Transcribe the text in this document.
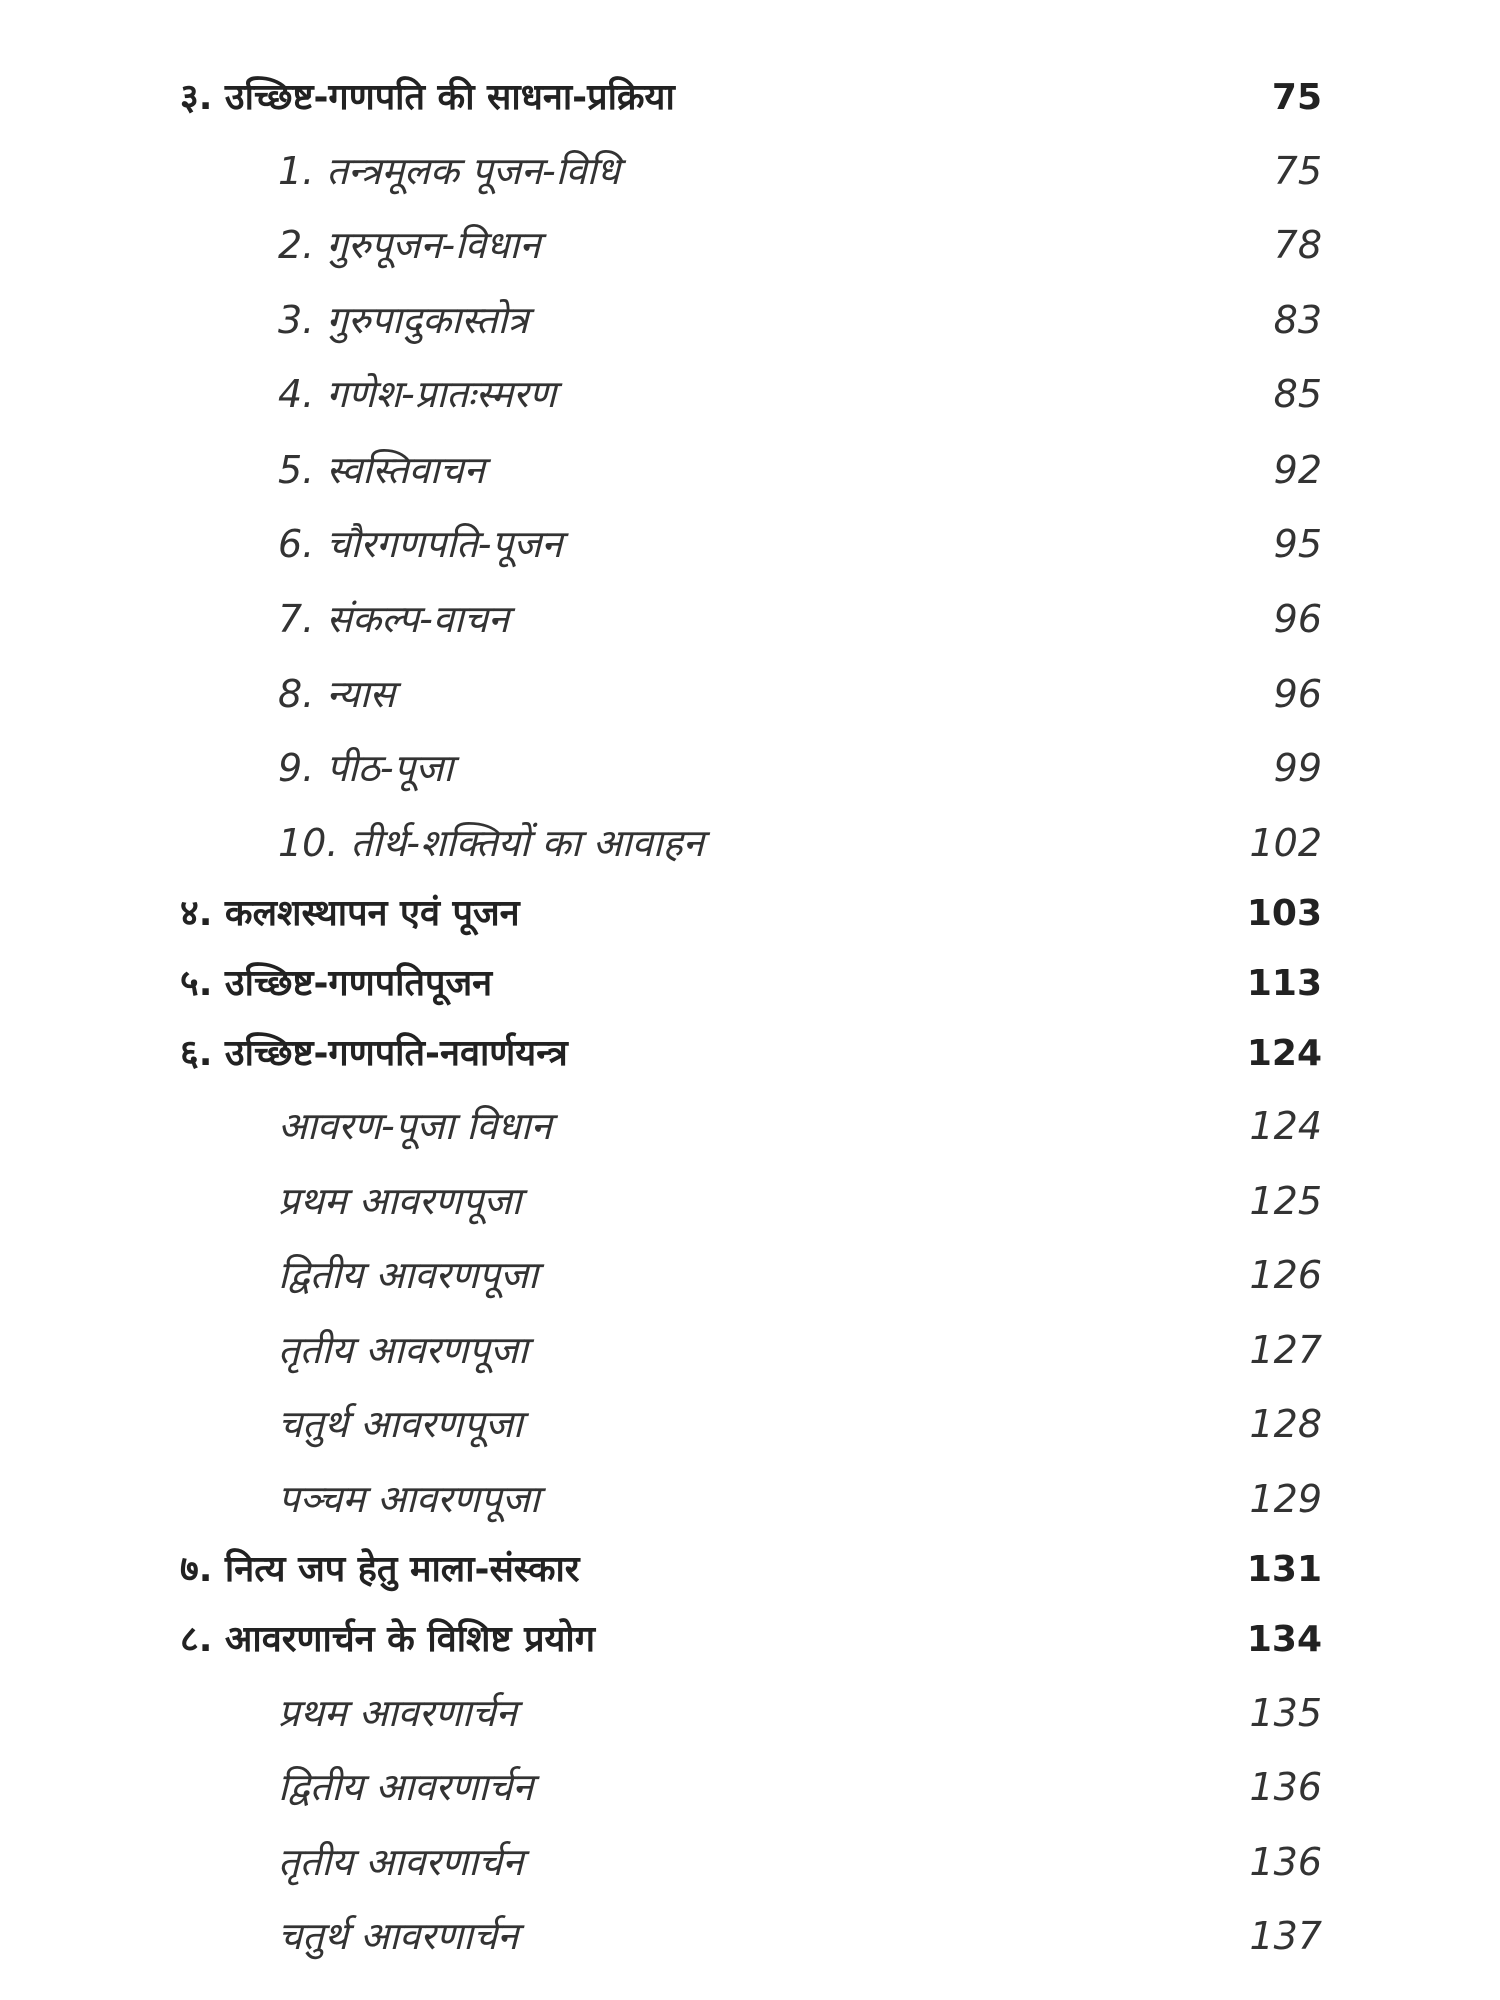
३. उच्छिष्ट-गणपति की साधना-प्रक्रिया	75
1. तन्त्रमूलक पूजन-विधि	75
2. गुरुपूजन-विधान	78
3. गुरुपादुकास्तोत्र	83
4. गणेश-प्रातःस्मरण	85
5. स्वस्तिवाचन	92
6. चौरगणपति-पूजन	95
7. संकल्प-वाचन	96
8. न्यास	96
9. पीठ-पूजा	99
10. तीर्थ-शक्तियों का आवाहन	102
४. कलशस्थापन एवं पूजन	103
५. उच्छिष्ट-गणपतिपूजन	113
६. उच्छिष्ट-गणपति-नवार्णयन्त्र	124
आवरण-पूजा विधान	124
प्रथम आवरणपूजा	125
द्वितीय आवरणपूजा	126
तृतीय आवरणपूजा	127
चतुर्थ आवरणपूजा	128
पञ्चम आवरणपूजा	129
७. नित्य जप हेतु माला-संस्कार	131
८. आवरणार्चन के विशिष्ट प्रयोग	134
प्रथम आवरणार्चन	135
द्वितीय आवरणार्चन	136
तृतीय आवरणार्चन	136
चतुर्थ आवरणार्चन	137
